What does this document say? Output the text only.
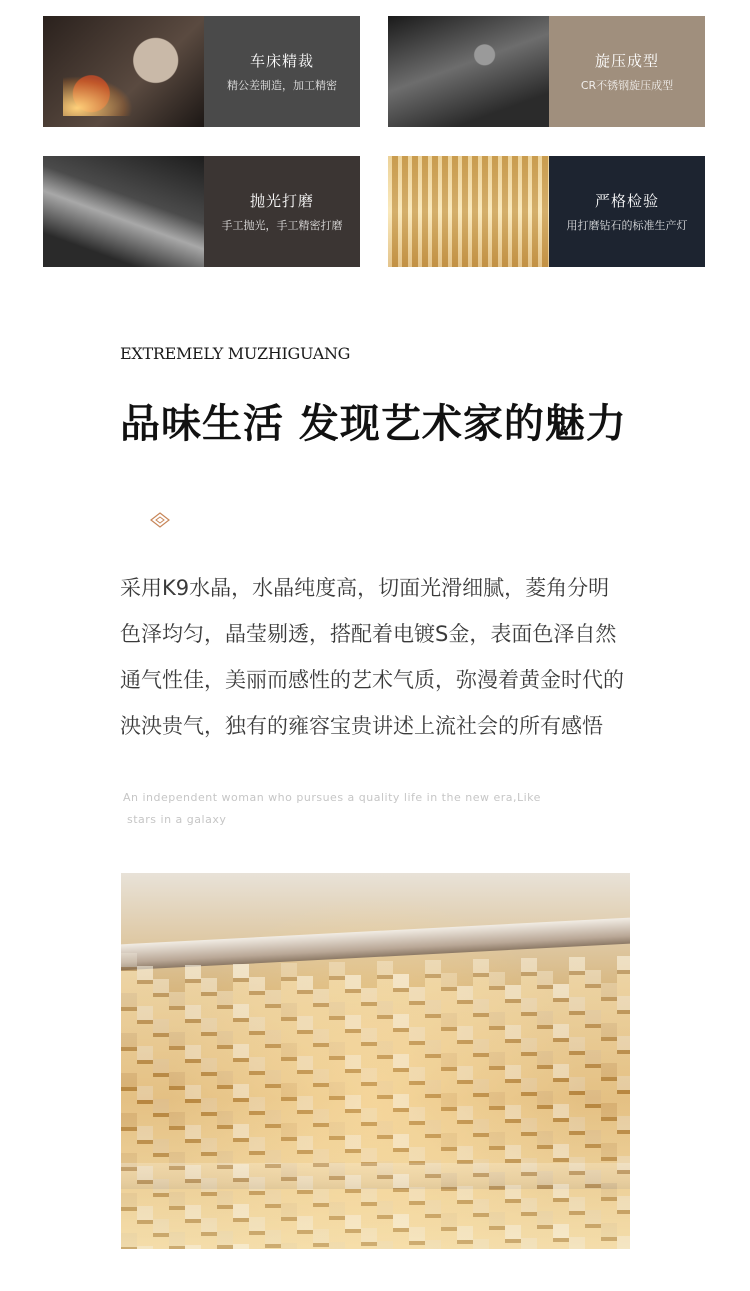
车床精裁
精公差制造，加工精密
旋压成型
CR不锈钢旋压成型
抛光打磨
手工抛光，手工精密打磨
严格检验
用打磨钻石的标准生产灯
EXTREMELY MUZHIGUANG
品味生活 发现艺术家的魅力
采用K9水晶，水晶纯度高，切面光滑细腻，菱角分明
色泽均匀，晶莹剔透，搭配着电镀S金，表面色泽自然
通气性佳，美丽而感性的艺术气质，弥漫着黄金时代的
泱泱贵气，独有的雍容宝贵讲述上流社会的所有感悟
An independent woman who pursues a quality life in the new era,Like
stars in a galaxy
